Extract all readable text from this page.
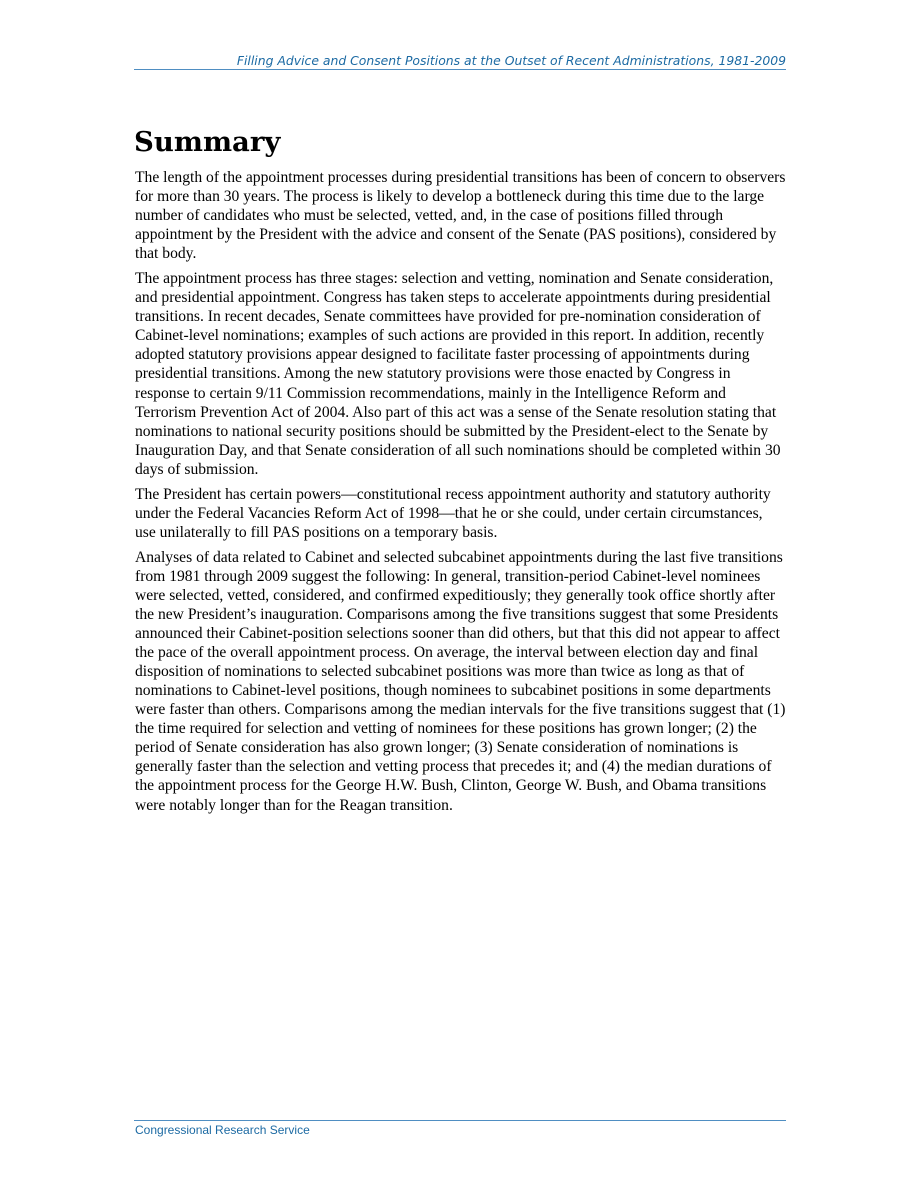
Filling Advice and Consent Positions at the Outset of Recent Administrations, 1981-2009
Summary

The length of the appointment processes during presidential transitions has been of concern to observers for more than 30 years. The process is likely to develop a bottleneck during this time due to the large number of candidates who must be selected, vetted, and, in the case of positions filled through appointment by the President with the advice and consent of the Senate (PAS positions), considered by that body.

The appointment process has three stages: selection and vetting, nomination and Senate consideration, and presidential appointment. Congress has taken steps to accelerate appointments during presidential transitions. In recent decades, Senate committees have provided for pre-nomination consideration of Cabinet-level nominations; examples of such actions are provided in this report. In addition, recently adopted statutory provisions appear designed to facilitate faster processing of appointments during presidential transitions. Among the new statutory provisions were those enacted by Congress in response to certain 9/11 Commission recommendations, mainly in the Intelligence Reform and Terrorism Prevention Act of 2004. Also part of this act was a sense of the Senate resolution stating that nominations to national security positions should be submitted by the President-elect to the Senate by Inauguration Day, and that Senate consideration of all such nominations should be completed within 30 days of submission.

The President has certain powers—constitutional recess appointment authority and statutory authority under the Federal Vacancies Reform Act of 1998—that he or she could, under certain circumstances, use unilaterally to fill PAS positions on a temporary basis.

Analyses of data related to Cabinet and selected subcabinet appointments during the last five transitions from 1981 through 2009 suggest the following: In general, transition-period Cabinet-level nominees were selected, vetted, considered, and confirmed expeditiously; they generally took office shortly after the new President’s inauguration. Comparisons among the five transitions suggest that some Presidents announced their Cabinet-position selections sooner than did others, but that this did not appear to affect the pace of the overall appointment process. On average, the interval between election day and final disposition of nominations to selected subcabinet positions was more than twice as long as that of nominations to Cabinet-level positions, though nominees to subcabinet positions in some departments were faster than others. Comparisons among the median intervals for the five transitions suggest that (1) the time required for selection and vetting of nominees for these positions has grown longer; (2) the period of Senate consideration has also grown longer; (3) Senate consideration of nominations is generally faster than the selection and vetting process that precedes it; and (4) the median durations of the appointment process for the George H.W. Bush, Clinton, George W. Bush, and Obama transitions were notably longer than for the Reagan transition.

Congressional Research Service
